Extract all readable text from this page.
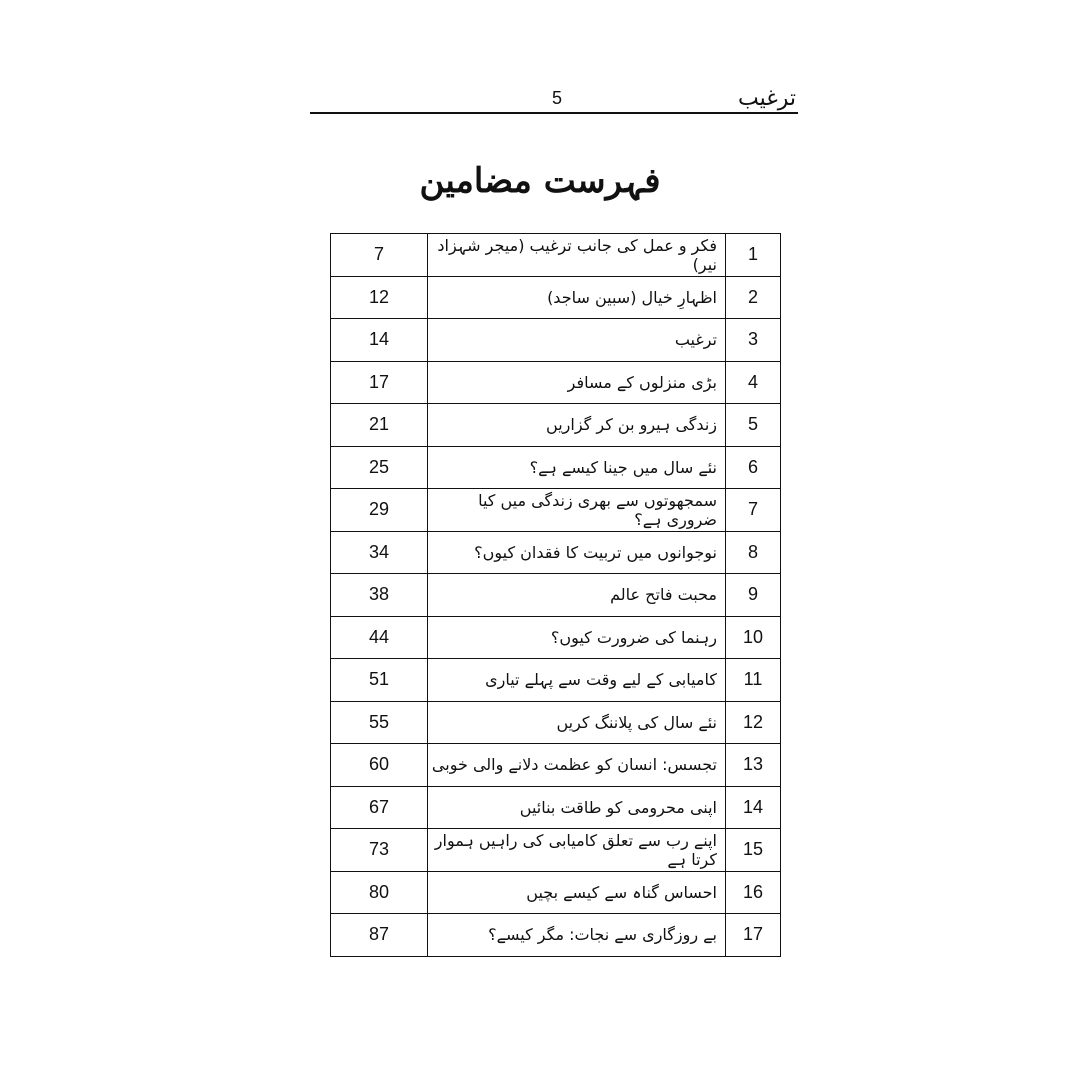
ترغیب
5
فہرست مضامین
7	فکر و عمل کی جانب ترغیب (میجر شہزاد نیر)	1
12	اظہارِ خیال (سبین ساجد)	2
14	ترغیب	3
17	بڑی منزلوں کے مسافر	4
21	زندگی ہیرو بن کر گزاریں	5
25	نئے سال میں جینا کیسے ہے؟	6
29	سمجھوتوں سے بھری زندگی میں کیا ضروری ہے؟	7
34	نوجوانوں میں تربیت کا فقدان کیوں؟	8
38	محبت فاتح عالم	9
44	رہنما کی ضرورت کیوں؟	10
51	کامیابی کے لیے وقت سے پہلے تیاری	11
55	نئے سال کی پلاننگ کریں	12
60	تجسس: انسان کو عظمت دلانے والی خوبی	13
67	اپنی محرومی کو طاقت بنائیں	14
73	اپنے رب سے تعلق کامیابی کی راہیں ہموار کرتا ہے	15
80	احساس گناہ سے کیسے بچیں	16
87	بے روزگاری سے نجات: مگر کیسے؟	17
